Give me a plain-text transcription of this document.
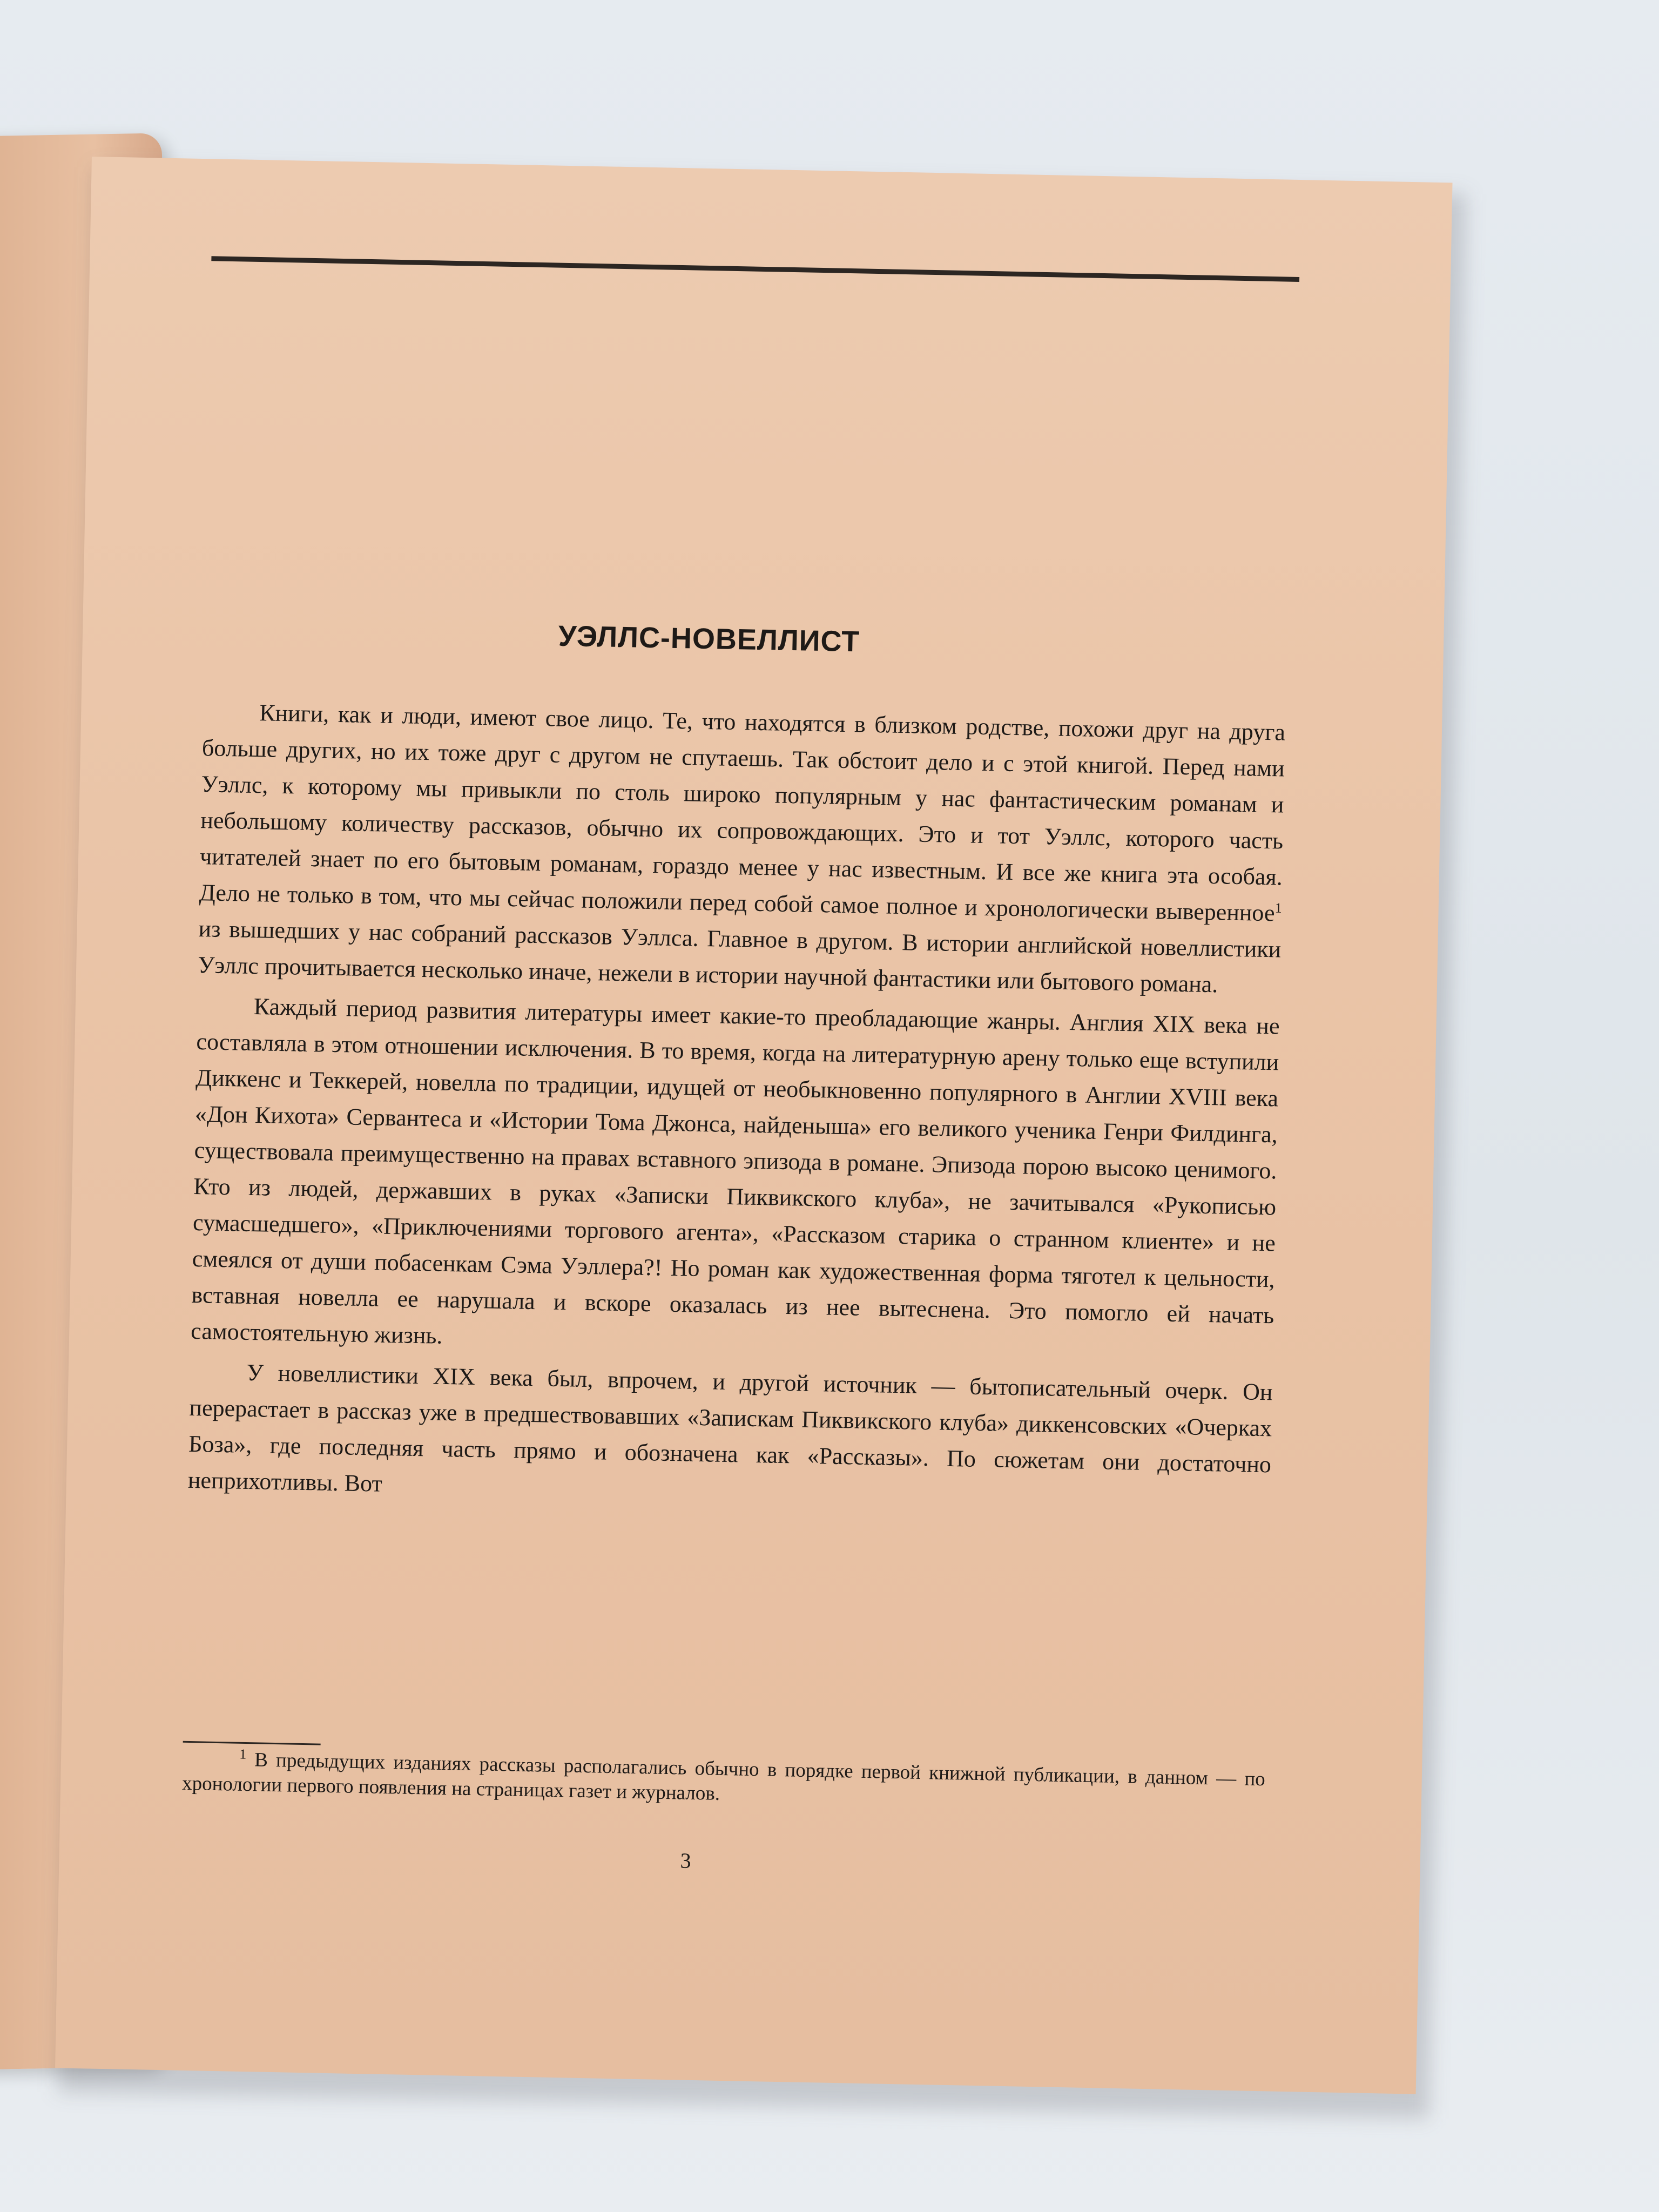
УЭЛЛС-НОВЕЛЛИСТ

Книги, как и люди, имеют свое лицо. Те, что находятся в близком родстве, похожи друг на друга больше других, но их тоже друг с другом не спутаешь. Так обстоит дело и с этой книгой. Перед нами Уэллс, к которому мы привыкли по столь широко популярным у нас фантастическим романам и небольшому количеству рассказов, обычно их сопровождающих. Это и тот Уэллс, которого часть читателей знает по его бытовым романам, гораздо менее у нас известным. И все же книга эта особая. Дело не только в том, что мы сейчас положили перед собой самое полное и хронологически выверенное$^1$ из вышедших у нас собраний рассказов Уэллса. Главное в другом. В истории английской новеллистики Уэллс прочитывается несколько иначе, нежели в истории научной фантастики или бытового романа.

Каждый период развития литературы имеет какие-то преобладающие жанры. Англия XIX века не составляла в этом отношении исключения. В то время, когда на литературную арену только еще вступили Диккенс и Теккерей, новелла по традиции, идущей от необыкновенно популярного в Англии XVIII века «Дон Кихота» Сервантеса и «Истории Тома Джонса, найденыша» его великого ученика Генри Филдинга, существовала преимущественно на правах вставного эпизода в романе. Эпизода порою высоко ценимого. Кто из людей, державших в руках «Записки Пиквикского клуба», не зачитывался «Рукописью сумасшедшего», «Приключениями торгового агента», «Рассказом старика о странном клиенте» и не смеялся от души побасенкам Сэма Уэллера?! Но роман как художественная форма тяготел к цельности, вставная новелла ее нарушала и вскоре оказалась из нее вытеснена. Это помогло ей начать самостоятельную жизнь.

У новеллистики XIX века был, впрочем, и другой источник — бытописательный очерк. Он перерастает в рассказ уже в предшествовавших «Запискам Пиквикского клуба» диккенсовских «Очерках Боза», где последняя часть прямо и обозначена как «Рассказы». По сюжетам они достаточно неприхотливы. Вот

$^1$ В предыдущих изданиях рассказы располагались обычно в порядке первой книжной публикации, в данном — по хронологии первого появления на страницах газет и журналов.
3
